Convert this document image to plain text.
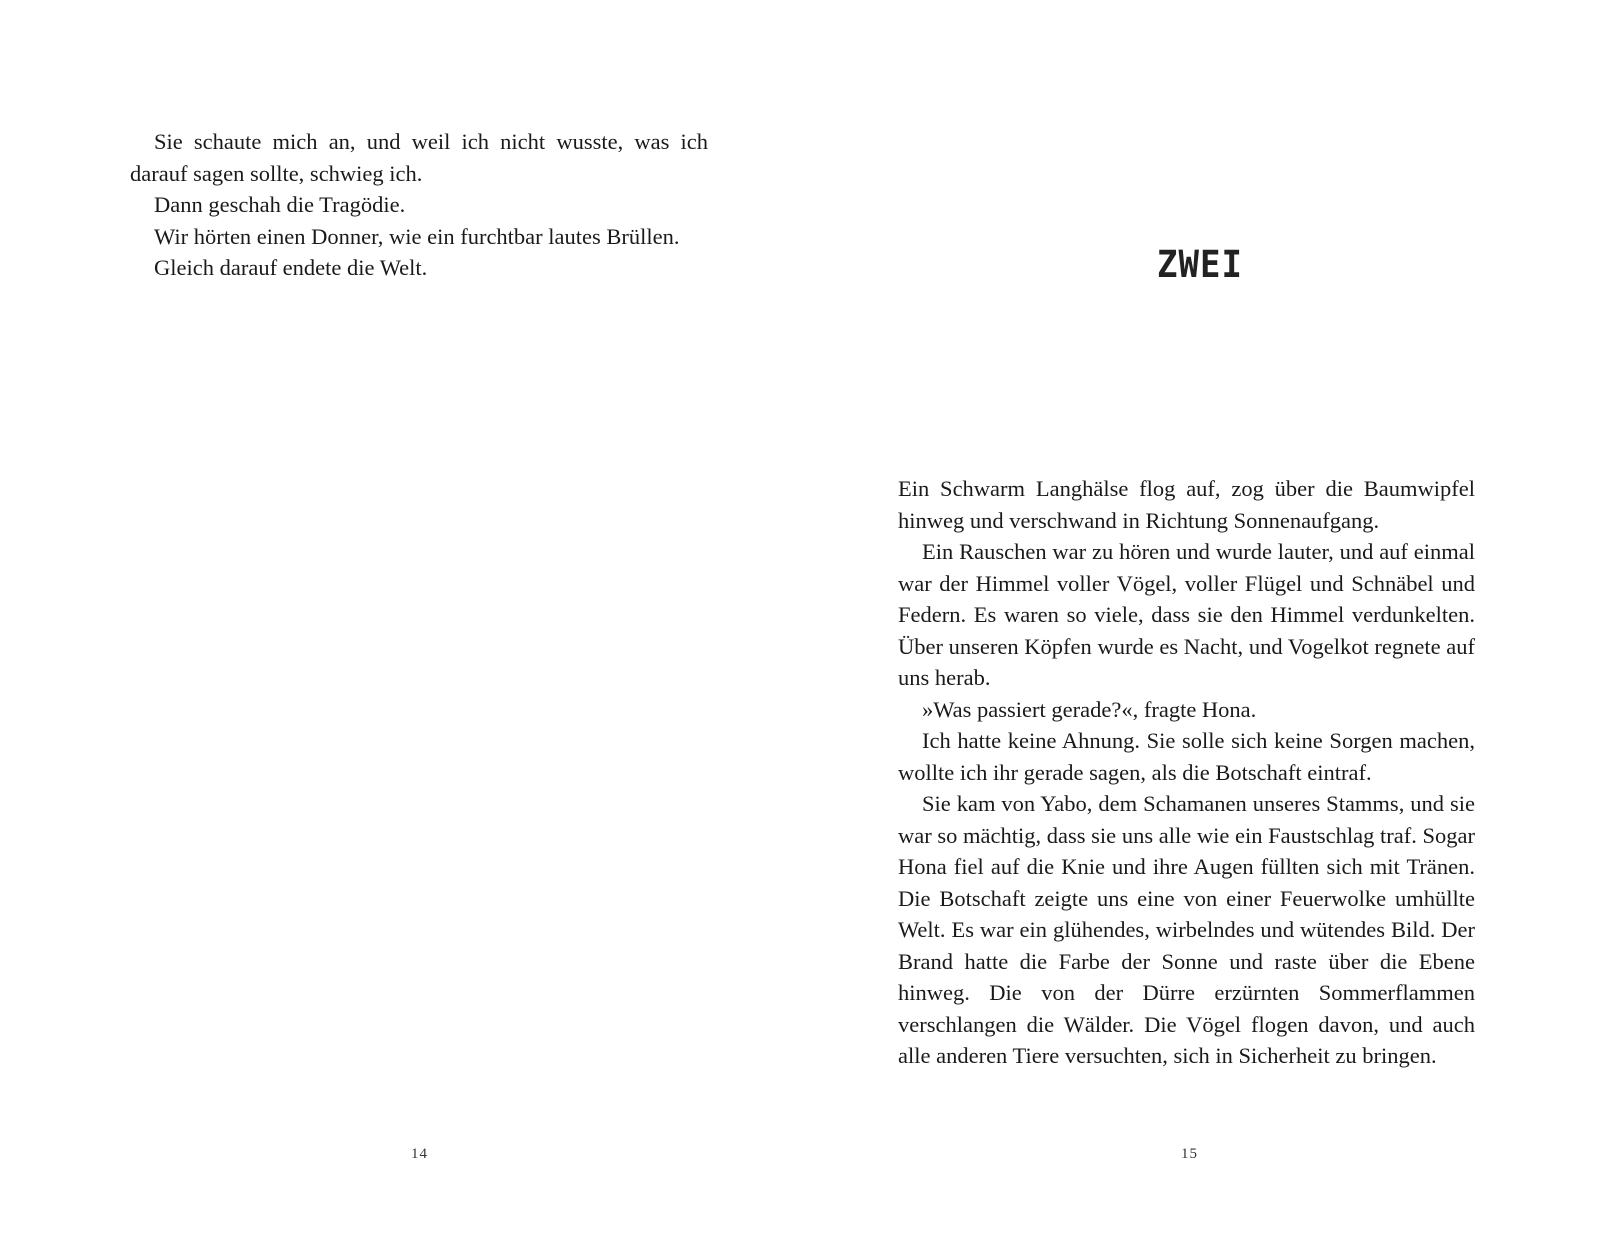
Sie schaute mich an, und weil ich nicht wusste, was ich darauf sagen sollte, schwieg ich.

Dann geschah die Tragödie.

Wir hörten einen Donner, wie ein furchtbar lautes Brüllen.

Gleich darauf endete die Welt.

14
ZWEI

Ein Schwarm Langhälse flog auf, zog über die Baumwipfel hinweg und verschwand in Richtung Sonnenaufgang.

Ein Rauschen war zu hören und wurde lauter, und auf einmal war der Himmel voller Vögel, voller Flügel und Schnäbel und Federn. Es waren so viele, dass sie den Himmel verdunkelten. Über unseren Köpfen wurde es Nacht, und Vogelkot regnete auf uns herab.

»Was passiert gerade?«, fragte Hona.

Ich hatte keine Ahnung. Sie solle sich keine Sorgen machen, wollte ich ihr gerade sagen, als die Botschaft eintraf.

Sie kam von Yabo, dem Schamanen unseres Stamms, und sie war so mächtig, dass sie uns alle wie ein Faustschlag traf. Sogar Hona fiel auf die Knie und ihre Augen füllten sich mit Tränen. Die Botschaft zeigte uns eine von einer Feuerwolke umhüllte Welt. Es war ein glühendes, wirbelndes und wütendes Bild. Der Brand hatte die Farbe der Sonne und raste über die Ebene hinweg. Die von der Dürre erzürnten Sommerflammen verschlangen die Wälder. Die Vögel flogen davon, und auch alle anderen Tiere versuchten, sich in Sicherheit zu bringen.

15
